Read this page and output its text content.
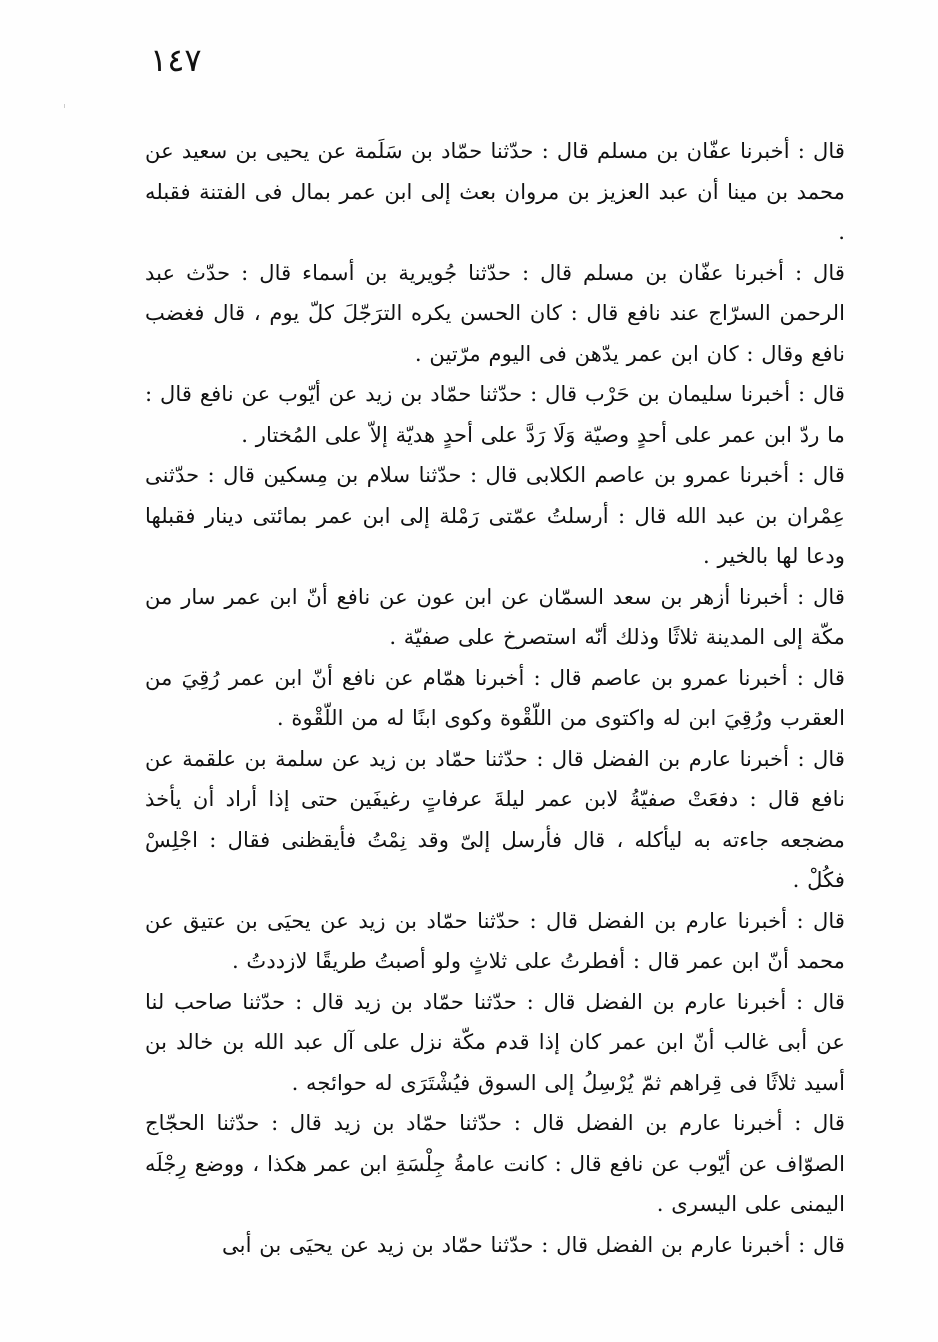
١٤٧

قال : أخبرنا عفّان بن مسلم قال : حدّثنا حمّاد بن سَلَمة عن يحيى بن سعيد عن محمد بن مينا أن عبد العزيز بن مروان بعث إلى ابن عمر بمال فى الفتنة فقبله .

قال : أخبرنا عفّان بن مسلم قال : حدّثنا جُويرية بن أسماء قال : حدّث عبد الرحمن السرّاج عند نافع قال : كان الحسن يكره الترَجّلَ كلّ يوم ، قال فغضب نافع وقال : كان ابن عمر يدّهن فى اليوم مرّتين .

قال : أخبرنا سليمان بن حَرْب قال : حدّثنا حمّاد بن زيد عن أيّوب عن نافع قال : ما ردّ ابن عمر على أحدٍ وصيّة وَلَا رَدَّ على أحدٍ هديّة إلاّ على المُختار .

قال : أخبرنا عمرو بن عاصم الكلابى قال : حدّثنا سلام بن مِسكين قال : حدّثنى عِمْران بن عبد الله قال : أرسلتُ عمّتى رَمْلة إلى ابن عمر بمائتى دينار فقبلها ودعا لها بالخير .

قال : أخبرنا أزهر بن سعد السمّان عن ابن عون عن نافع أنّ ابن عمر سار من مكّة إلى المدينة ثلاثًا وذلك أنّه استصرخ على صفيّة .

قال : أخبرنا عمرو بن عاصم قال : أخبرنا همّام عن نافع أنّ ابن عمر رُقِيَ من العقرب ورُقِيَ ابن له واكتوى من اللّقْوة وكوى ابنًا له من اللّقْوة .

قال : أخبرنا عارم بن الفضل قال : حدّثنا حمّاد بن زيد عن سلمة بن علقمة عن نافع قال : دفعَتْ صفيّةُ لابن عمر ليلةَ عرفاتٍ رغيفَين حتى إذا أراد أن يأخذ مضجعه جاءته به ليأكله ، قال فأرسل إلىّ وقد نِمْتُ فأيقظنى فقال : اجْلِسْ فكُلْ .

قال : أخبرنا عارم بن الفضل قال : حدّثنا حمّاد بن زيد عن يحيَى بن عتيق عن محمد أنّ ابن عمر قال : أفطرتُ على ثلاثٍ ولو أصبتُ طريقًا لازددتُ .

قال : أخبرنا عارم بن الفضل قال : حدّثنا حمّاد بن زيد قال : حدّثنا صاحب لنا عن أبى غالب أنّ ابن عمر كان إذا قدم مكّة نزل على آل عبد الله بن خالد بن أسيد ثلاثًا فى قِراهم ثمّ يُرْسِلُ إلى السوق فيُشْتَرَى له حوائجه .

قال : أخبرنا عارم بن الفضل قال : حدّثنا حمّاد بن زيد قال : حدّثنا الحجّاج الصوّاف عن أيّوب عن نافع قال : كانت عامةُ جِلْسَةِ ابن عمر هكذا ، ووضع رِجْلَه اليمنى على اليسرى .

قال : أخبرنا عارم بن الفضل قال : حدّثنا حمّاد بن زيد عن يحيَى بن أبى
